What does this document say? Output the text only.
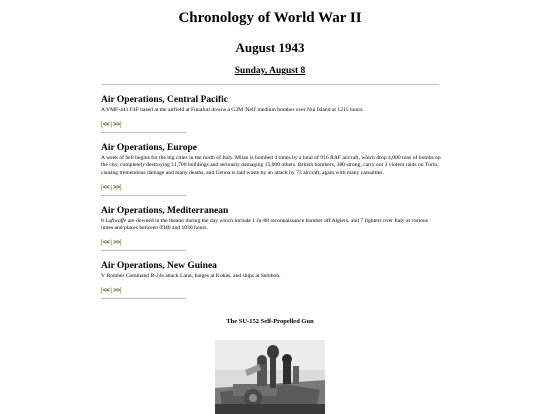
Chronology of World War II
August 1943
Sunday, August 8
Air Operations, Central Pacific
A VMF-441 F4F based at the airfield at Funafuti downs a G3M 'Nell' medium bomber over Nui Island at 1215 hours.
[<<|>>]
Air Operations, Europe
A week of hell begins for the big cities in the north of Italy. Milan is bombed 4 times by a total of 916 RAF aircraft, which drop 4,000 tons of bombs on the city, completely destroying 11,700 buildings and seriously damaging 15,000 others. British bombers, 380 strong, carry out 3 violent raids on Turin, causing tremendous damage and many deaths, and Genoa is laid waste by an attack by 73 aircraft, again with many casualties.
[<<|>>]
Air Operations, Mediterranean
8 Luftwaffe are downed in the theater during the day which include 1 Ju-88 reconnaissance bomber off Algiers, and 7 fighters over Italy at various times and places between 0940 and 1030 hours.
[<<|>>]
Air Operations, New Guinea
V Bomber Command B-24s attack Larat, barges at Kokas, and ships at Semboh.
[<<|>>]
The SU-152 Self-Propelled Gun
